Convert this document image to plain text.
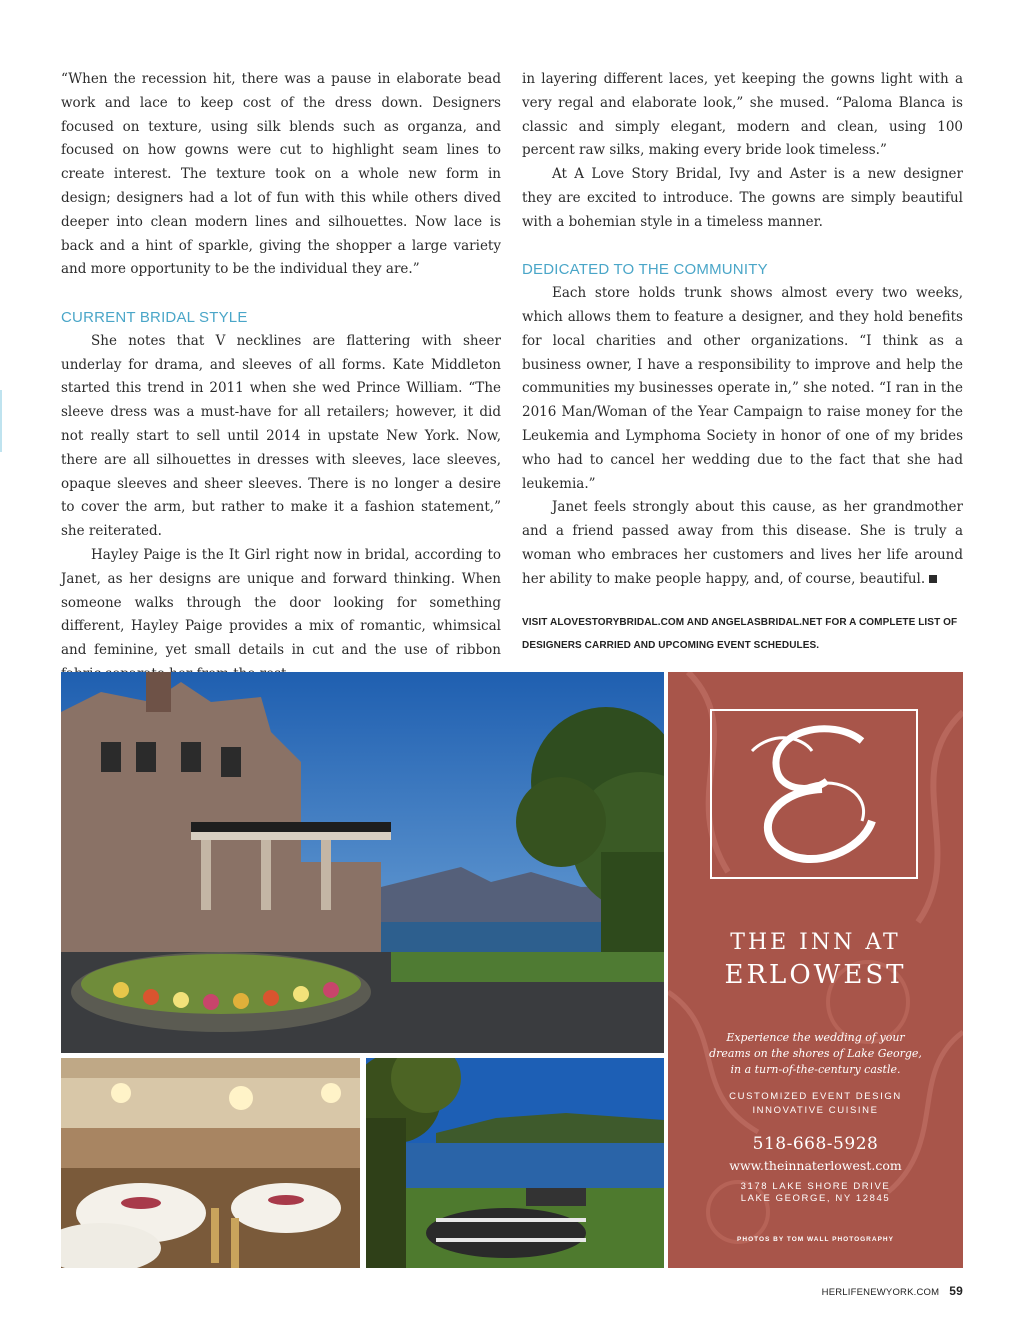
“When the recession hit, there was a pause in elaborate bead work and lace to keep cost of the dress down. Designers focused on texture, using silk blends such as organza, and focused on how gowns were cut to highlight seam lines to create interest. The texture took on a whole new form in design; designers had a lot of fun with this while others dived deeper into clean modern lines and silhouettes. Now lace is back and a hint of sparkle, giving the shopper a large variety and more opportunity to be the individual they are.”

CURRENT BRIDAL STYLE

She notes that V necklines are flattering with sheer underlay for drama, and sleeves of all forms. Kate Middleton started this trend in 2011 when she wed Prince William. “The sleeve dress was a must-have for all retailers; however, it did not really start to sell until 2014 in upstate New York. Now, there are all silhouettes in dresses with sleeves, lace sleeves, opaque sleeves and sheer sleeves. There is no longer a desire to cover the arm, but rather to make it a fashion statement,” she reiterated.

Hayley Paige is the It Girl right now in bridal, according to Janet, as her designs are unique and forward thinking. When someone walks through the door looking for something different, Hayley Paige provides a mix of romantic, whimsical and feminine, yet small details in cut and the use of ribbon

in layering different laces, yet keeping the gowns light with a very regal and elaborate look,” she mused. “Paloma Blanca is classic and simply elegant, modern and clean, using 100 percent raw silks, making every bride look timeless.”

At A Love Story Bridal, Ivy and Aster is a new designer they are excited to introduce. The gowns are simply beautiful with a bohemian style in a timeless manner.

DEDICATED TO THE COMMUNITY

Each store holds trunk shows almost every two weeks, which allows them to feature a designer, and they hold benefits for local charities and other organizations. “I think as a business owner, I have a responsibility to improve and help the communities my businesses operate in,” she noted. “I ran in the 2016 Man/Woman of the Year Campaign to raise money for the Leukemia and Lymphoma Society in honor of one of my brides who had to cancel her wedding due to the fact that she had leukemia.”

Janet feels strongly about this cause, as her grandmother and a friend passed away from this disease. She is truly a woman who embraces her customers and lives her life around her ability to make people happy, and, of course, beautiful.

VISIT ALOVESTORYBRIDAL.COM AND ANGELASBRIDAL.NET FOR A COMPLETE LIST OF DESIGNERS CARRIED AND UPCOMING EVENT SCHEDULES.
THE INN AT
ERLOWEST
Experience the wedding of your
dreams on the shores of Lake George,
in a turn-of-the-century castle.
CUSTOMIZED EVENT DESIGN
INNOVATIVE CUISINE
518-668-5928
www.theinnaterlowest.com
3178 LAKE SHORE DRIVE
LAKE GEORGE, NY 12845
PHOTOS BY TOM WALL PHOTOGRAPHY
HERLIFENEWYORK.COM 59
